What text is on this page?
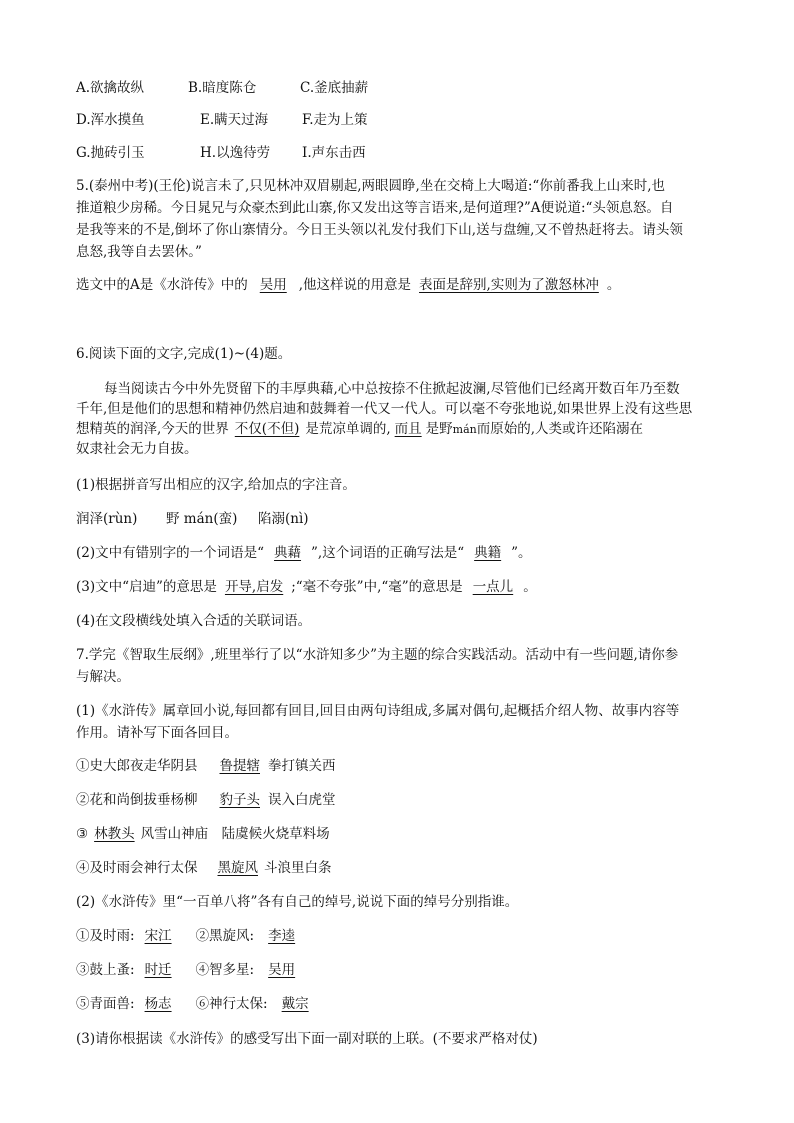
A.欲擒故纵	B.暗度陈仓	C.釜底抽薪
D.浑水摸鱼	E.瞒天过海	F.走为上策
G.抛砖引玉	H.以逸待劳 I.声东击西
5.(泰州中考)(王伦)说言未了,只见林冲双眉剔起,两眼圆睁,坐在交椅上大喝道:“你前番我上山来时,也
推道粮少房稀。今日晁兄与众豪杰到此山寨,你又发出这等言语来,是何道理?”A便说道:“头领息怒。自
是我等来的不是,倒坏了你山寨情分。今日王头领以礼发付我们下山,送与盘缠,又不曾热赶将去。请头领
息怒,我等自去罢休。”
选文中的A是《水浒传》中的 吴用 ,他这样说的用意是 表面是辞别,实则为了激怒林冲 。
6.阅读下面的文字,完成(1)~(4)题。
每当阅读古今中外先贤留下的丰厚典藉,心中总按捺不住掀起波澜,尽管他们已经离开数百年乃至数
千年,但是他们的思想和精神仍然启迪和鼓舞着一代又一代人。可以毫不夸张地说,如果世界上没有这些思
想精英的润泽,今天的世界 不仅(不但) 是荒凉单调的, 而且 是野mán而原始的,人类或许还陷溺在
奴隶社会无力自拔。
(1)根据拼音写出相应的汉字,给加点的字注音。
润泽(rùn) 野 mán(蛮) 陷溺(nì)
(2)文中有错别字的一个词语是“ 典藉 ”,这个词语的正确写法是“ 典籍 ”。
(3)文中“启迪”的意思是 开导,启发 ;“毫不夸张”中,“毫”的意思是 一点儿 。
(4)在文段横线处填入合适的关联词语。
7.学完《智取生辰纲》,班里举行了以“水浒知多少”为主题的综合实践活动。活动中有一些问题,请你参
与解决。
(1)《水浒传》属章回小说,每回都有回目,回目由两句诗组成,多属对偶句,起概括介绍人物、故事内容等
作用。请补写下面各回目。
①史大郎夜走华阴县 鲁提辖 拳打镇关西
②花和尚倒拔垂杨柳 豹子头 误入白虎堂
③ 林教头 风雪山神庙　陆虞候火烧草料场
④及时雨会神行太保 黑旋风 斗浪里白条
(2)《水浒传》里“一百单八将”各有自己的绰号,说说下面的绰号分别指谁。
①及时雨: 宋江 ②黑旋风: 李逵
③鼓上蚤: 时迁 ④智多星: 吴用
⑤青面兽: 杨志 ⑥神行太保: 戴宗
(3)请你根据读《水浒传》的感受写出下面一副对联的上联。(不要求严格对仗)
